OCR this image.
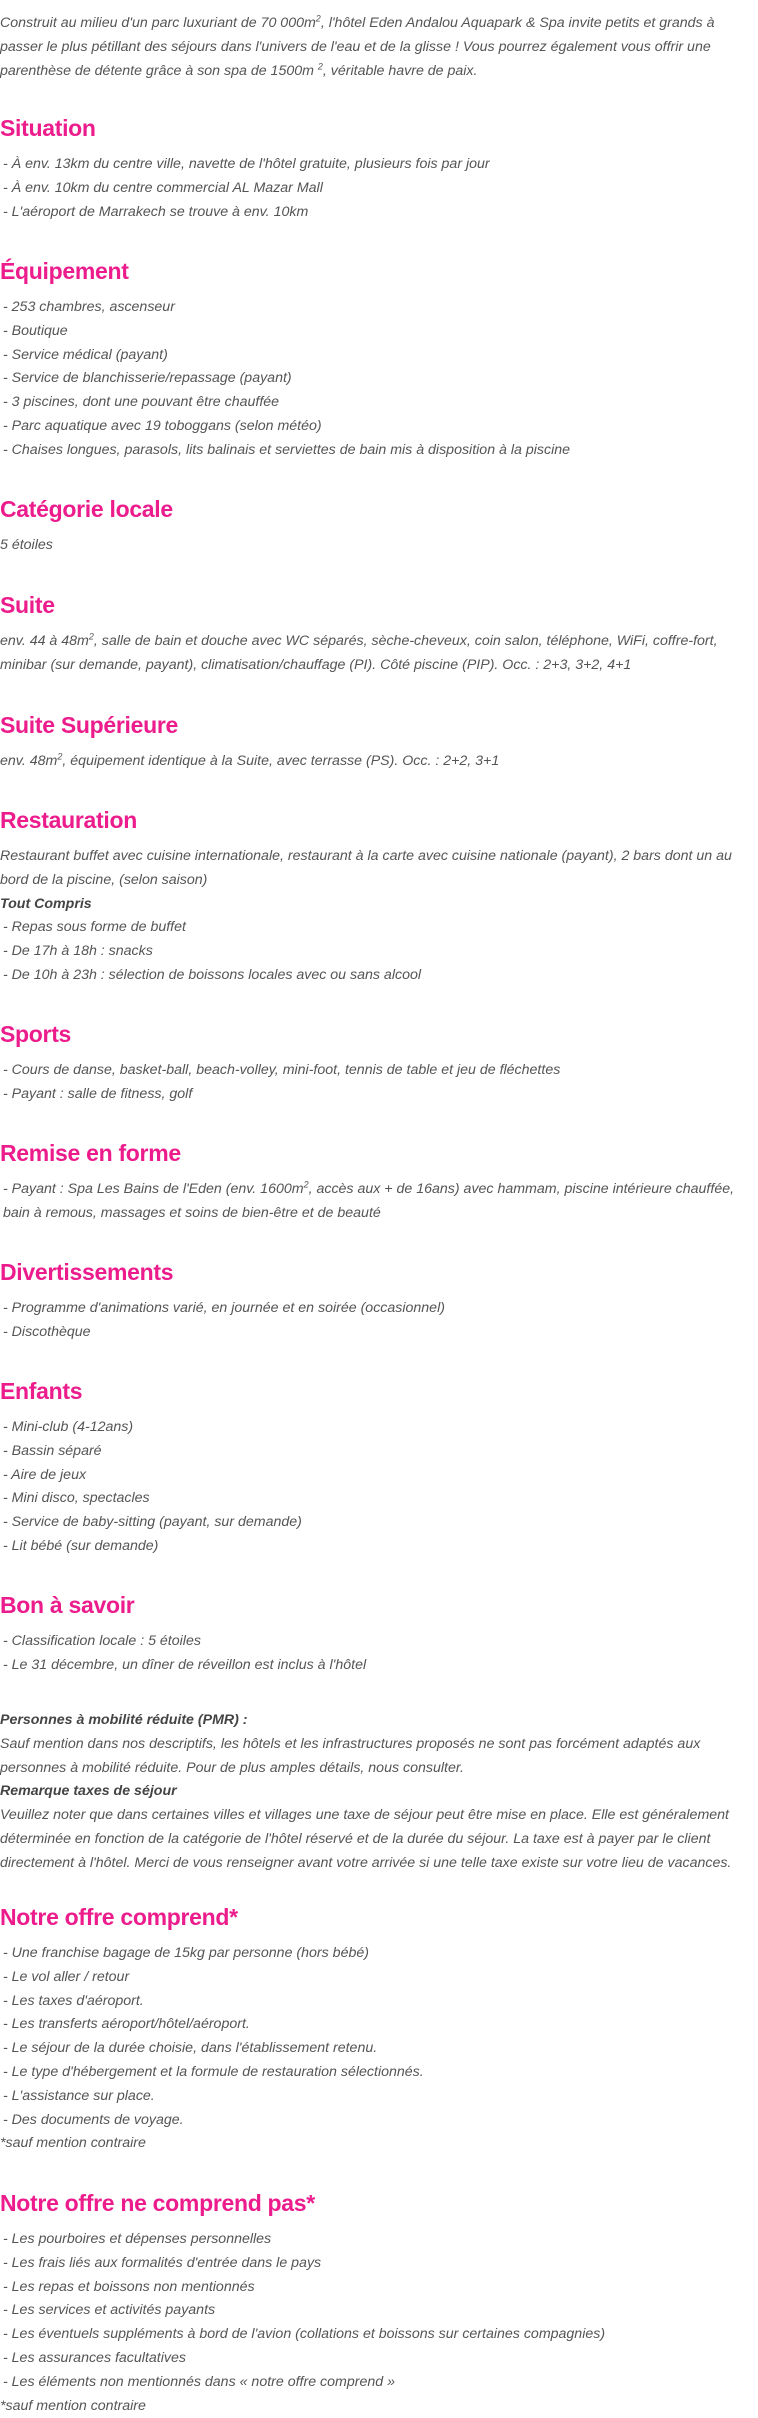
Construit au milieu d'un parc luxuriant de 70 $000m^2$, l'hôtel Eden Andalou Aquapark & Spa invite petits et grands à passer le plus pétillant des séjours dans l'univers de l'eau et de la glisse ! Vous pourrez également vous offrir une parenthèse de détente grâce à son spa de 1500m $^2$, véritable havre de paix.

Situation
- À env. 13km du centre ville, navette de l'hôtel gratuite, plusieurs fois par jour
- À env. 10km du centre commercial AL Mazar Mall
- L'aéroport de Marrakech se trouve à env. 10km
Équipement
- 253 chambres, ascenseur
- Boutique
- Service médical (payant)
- Service de blanchisserie/repassage (payant)
- 3 piscines, dont une pouvant être chauffée
- Parc aquatique avec 19 toboggans (selon météo)
- Chaises longues, parasols, lits balinais et serviettes de bain mis à disposition à la piscine
Catégorie locale
5 étoiles
Suite

env. 44 à $48m^2$, salle de bain et douche avec WC séparés, sèche-cheveux, coin salon, téléphone, WiFi, coffre-fort, minibar (sur demande, payant), climatisation/chauffage (PI). Côté piscine (PIP). Occ. : 2+3, 3+2, 4+1

Suite Supérieure

env. $48m^2$, équipement identique à la Suite, avec terrasse (PS). Occ. : 2+2, 3+1

Restauration
Restaurant buffet avec cuisine internationale, restaurant à la carte avec cuisine nationale (payant), 2 bars dont un au bord de la piscine, (selon saison)
Tout Compris
- Repas sous forme de buffet
- De 17h à 18h : snacks
- De 10h à 23h : sélection de boissons locales avec ou sans alcool
Sports
- Cours de danse, basket-ball, beach-volley, mini-foot, tennis de table et jeu de fléchettes
- Payant : salle de fitness, golf
Remise en forme

- Payant : Spa Les Bains de l'Eden (env. $1600m^2$, accès aux + de 16ans) avec hammam, piscine intérieure chauffée, bain à remous, massages et soins de bien-être et de beauté

Divertissements
- Programme d'animations varié, en journée et en soirée (occasionnel)
- Discothèque
Enfants
- Mini-club (4-12ans)
- Bassin séparé
- Aire de jeux
- Mini disco, spectacles
- Service de baby-sitting (payant, sur demande)
- Lit bébé (sur demande)
Bon à savoir
- Classification locale : 5 étoiles
- Le 31 décembre, un dîner de réveillon est inclus à l'hôtel
Personnes à mobilité réduite (PMR) :
Sauf mention dans nos descriptifs, les hôtels et les infrastructures proposés ne sont pas forcément adaptés aux personnes à mobilité réduite. Pour de plus amples détails, nous consulter.
Remarque taxes de séjour
Veuillez noter que dans certaines villes et villages une taxe de séjour peut être mise en place. Elle est généralement déterminée en fonction de la catégorie de l'hôtel réservé et de la durée du séjour. La taxe est à payer par le client directement à l'hôtel. Merci de vous renseigner avant votre arrivée si une telle taxe existe sur votre lieu de vacances.
Notre offre comprend*
- Une franchise bagage de 15kg par personne (hors bébé)
- Le vol aller / retour
- Les taxes d'aéroport.
- Les transferts aéroport/hôtel/aéroport.
- Le séjour de la durée choisie, dans l'établissement retenu.
- Le type d'hébergement et la formule de restauration sélectionnés.
- L'assistance sur place.
- Des documents de voyage.
*sauf mention contraire
Notre offre ne comprend pas*
- Les pourboires et dépenses personnelles
- Les frais liés aux formalités d'entrée dans le pays
- Les repas et boissons non mentionnés
- Les services et activités payants
- Les éventuels suppléments à bord de l'avion (collations et boissons sur certaines compagnies)
- Les assurances facultatives
- Les éléments non mentionnés dans « notre offre comprend »
*sauf mention contraire
